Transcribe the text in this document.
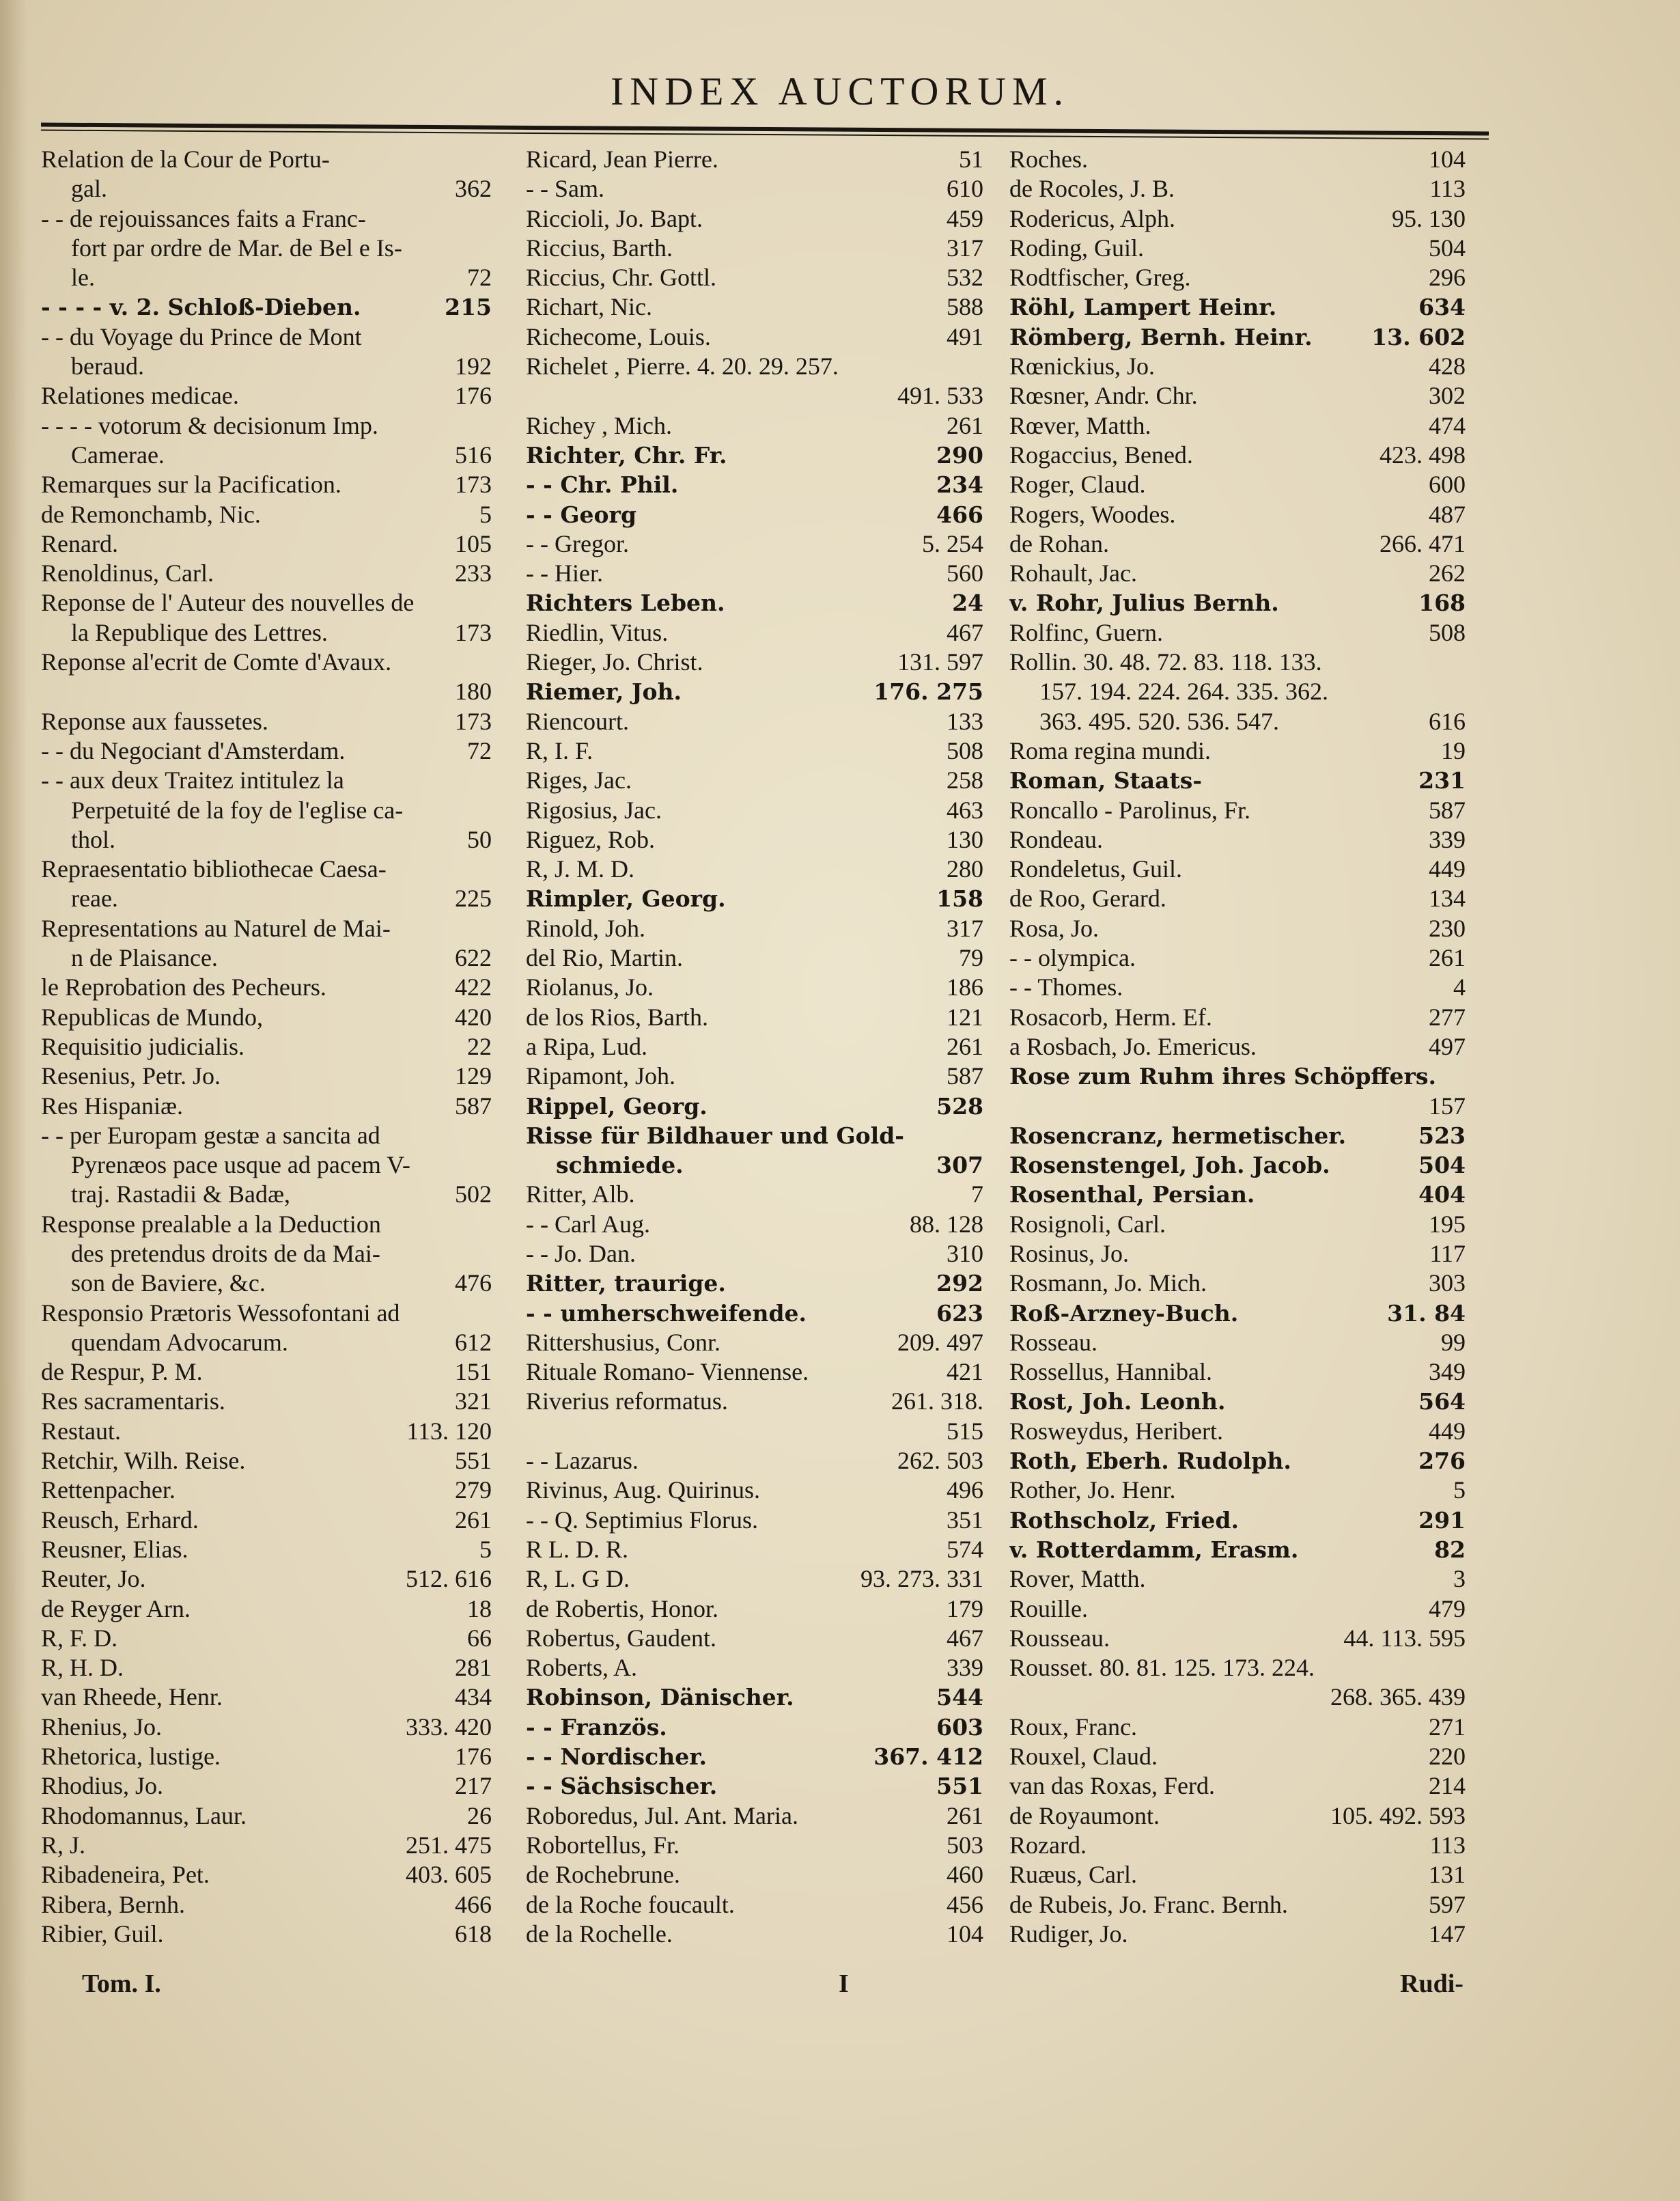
INDEX AUCTORUM.
Relation de la Cour de Portu-
gal.	362
- - de rejouissances faits a Franc-
fort par ordre de Mar. de Bel e Is-
le.	72
- - - - v. 2. Schloß-Dieben.	215
- - du Voyage du Prince de Mont
beraud.	192
Relationes medicae.	176
- - - - votorum & decisionum Imp.
Camerae.	516
Remarques sur la Pacification.	173
de Remonchamb, Nic.	5
Renard.	105
Renoldinus, Carl.	233
Reponse de l' Auteur des nouvelles de
la Republique des Lettres.	173
Reponse al'ecrit de Comte d'Avaux.
180
Reponse aux faussetes.	173
- - du Negociant d'Amsterdam.	72
- - aux deux Traitez intitulez la
Perpetuité de la foy de l'eglise ca-
thol.	50
Repraesentatio bibliothecae Caesa-
reae.	225
Representations au Naturel de Mai-
n de Plaisance.	622
le Reprobation des Pecheurs.	422
Republicas de Mundo,	420
Requisitio judicialis.	22
Resenius, Petr. Jo.	129
Res Hispaniæ.	587
- - per Europam gestæ a sancita ad
Pyrenæos pace usque ad pacem V-
traj. Rastadii & Badæ,	502
Response prealable a la Deduction
des pretendus droits de da Mai-
son de Baviere, &c.	476
Responsio Prætoris Wessofontani ad
quendam Advocarum.	612
de Respur, P. M.	151
Res sacramentaris.	321
Restaut.	113. 120
Retchir, Wilh. Reise.	551
Rettenpacher.	279
Reusch, Erhard.	261
Reusner, Elias.	5
Reuter, Jo.	512. 616
de Reyger Arn.	18
R, F. D.	66
R, H. D.	281
van Rheede, Henr.	434
Rhenius, Jo.	333. 420
Rhetorica, lustige.	176
Rhodius, Jo.	217
Rhodomannus, Laur.	26
R, J.	251. 475
Ribadeneira, Pet.	403. 605
Ribera, Bernh.	466
Ribier, Guil.	618
Ricard, Jean Pierre.	51
- - Sam.	610
Riccioli, Jo. Bapt.	459
Riccius, Barth.	317
Riccius, Chr. Gottl.	532
Richart, Nic.	588
Richecome, Louis.	491
Richelet , Pierre. 4. 20. 29. 257.
491. 533
Richey , Mich.	261
Richter, Chr. Fr.	290
- - Chr. Phil.	234
- - Georg	466
- - Gregor.	5. 254
- - Hier.	560
Richters Leben.	24
Riedlin, Vitus.	467
Rieger, Jo. Christ.	131. 597
Riemer, Joh.	176. 275
Riencourt.	133
R, I. F.	508
Riges, Jac.	258
Rigosius, Jac.	463
Riguez, Rob.	130
R, J. M. D.	280
Rimpler, Georg.	158
Rinold, Joh.	317
del Rio, Martin.	79
Riolanus, Jo.	186
de los Rios, Barth.	121
a Ripa, Lud.	261
Ripamont, Joh.	587
Rippel, Georg.	528
Risse für Bildhauer und Gold-
schmiede.	307
Ritter, Alb.	7
- - Carl Aug.	88. 128
- - Jo. Dan.	310
Ritter, traurige.	292
- - umherschweifende.	623
Rittershusius, Conr.	209. 497
Rituale Romano- Viennense.	421
Riverius reformatus.	261. 318.
515
- - Lazarus.	262. 503
Rivinus, Aug. Quirinus.	496
- - Q. Septimius Florus.	351
R L. D. R.	574
R, L. G D.	93. 273. 331
de Robertis, Honor.	179
Robertus, Gaudent.	467
Roberts, A.	339
Robinson, Dänischer.	544
- - Französ.	603
- - Nordischer.	367. 412
- - Sächsischer.	551
Roboredus, Jul. Ant. Maria.	261
Robortellus, Fr.	503
de Rochebrune.	460
de la Roche foucault.	456
de la Rochelle.	104
Roches.	104
de Rocoles, J. B.	113
Rodericus, Alph.	95. 130
Roding, Guil.	504
Rodtfischer, Greg.	296
Röhl, Lampert Heinr.	634
Römberg, Bernh. Heinr.	13. 602
Rœnickius, Jo.	428
Rœsner, Andr. Chr.	302
Rœver, Matth.	474
Rogaccius, Bened.	423. 498
Roger, Claud.	600
Rogers, Woodes.	487
de Rohan.	266. 471
Rohault, Jac.	262
v. Rohr, Julius Bernh.	168
Rolfinc, Guern.	508
Rollin. 30. 48. 72. 83. 118. 133.
157. 194. 224. 264. 335. 362.
363. 495. 520. 536. 547.	616
Roma regina mundi.	19
Roman, Staats-	231
Roncallo - Parolinus, Fr.	587
Rondeau.	339
Rondeletus, Guil.	449
de Roo, Gerard.	134
Rosa, Jo.	230
- - olympica.	261
- - Thomes.	4
Rosacorb, Herm. Ef.	277
a Rosbach, Jo. Emericus.	497
Rose zum Ruhm ihres Schöpffers.
157
Rosencranz, hermetischer.	523
Rosenstengel, Joh. Jacob.	504
Rosenthal, Persian.	404
Rosignoli, Carl.	195
Rosinus, Jo.	117
Rosmann, Jo. Mich.	303
Roß-Arzney-Buch.	31. 84
Rosseau.	99
Rossellus, Hannibal.	349
Rost, Joh. Leonh.	564
Rosweydus, Heribert.	449
Roth, Eberh. Rudolph.	276
Rother, Jo. Henr.	5
Rothscholz, Fried.	291
v. Rotterdamm, Erasm.	82
Rover, Matth.	3
Rouille.	479
Rousseau.	44. 113. 595
Rousset. 80. 81. 125. 173. 224.
268. 365. 439
Roux, Franc.	271
Rouxel, Claud.	220
van das Roxas, Ferd.	214
de Royaumont.	105. 492. 593
Rozard.	113
Ruæus, Carl.	131
de Rubeis, Jo. Franc. Bernh.	597
Rudiger, Jo.	147
Tom. I.	I	Rudi-
